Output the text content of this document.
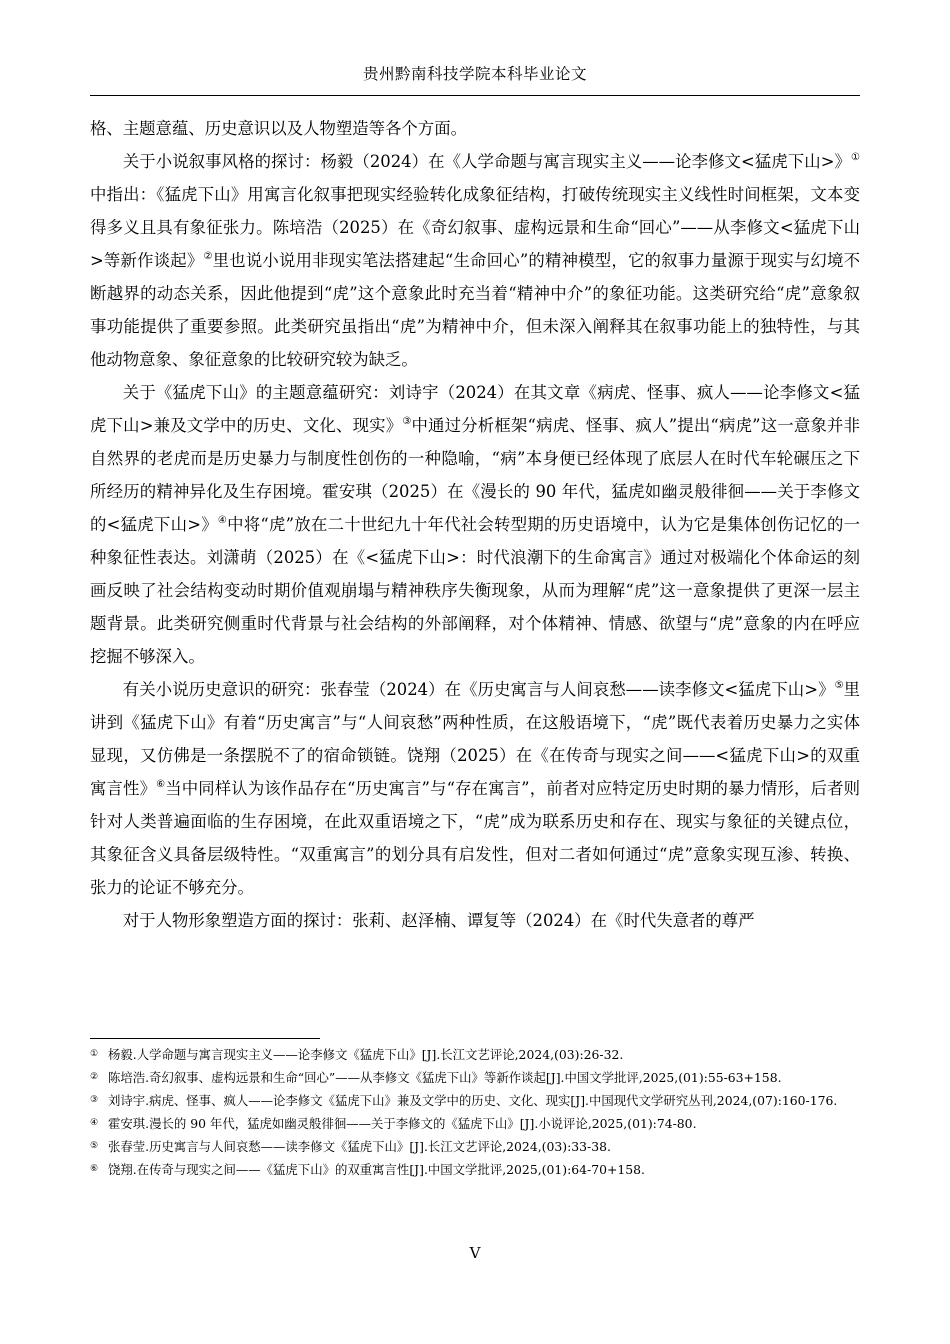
贵州黔南科技学院本科毕业论文

格、主题意蕴、历史意识以及人物塑造等各个方面。

关于小说叙事风格的探讨：杨毅（2024）在《人学命题与寓言现实主义——论李修文<猛虎下山>》①中指出：《猛虎下山》用寓言化叙事把现实经验转化成象征结构，打破传统现实主义线性时间框架，文本变得多义且具有象征张力。陈培浩（2025）在《奇幻叙事、虚构远景和生命“回心”——从李修文<猛虎下山>等新作谈起》②里也说小说用非现实笔法搭建起“生命回心”的精神模型，它的叙事力量源于现实与幻境不断越界的动态关系，因此他提到“虎”这个意象此时充当着“精神中介”的象征功能。这类研究给“虎”意象叙事功能提供了重要参照。此类研究虽指出“虎”为精神中介，但未深入阐释其在叙事功能上的独特性，与其他动物意象、象征意象的比较研究较为缺乏。

关于《猛虎下山》的主题意蕴研究：刘诗宇（2024）在其文章《病虎、怪事、疯人——论李修文<猛虎下山>兼及文学中的历史、文化、现实》③中通过分析框架“病虎、怪事、疯人”提出“病虎”这一意象并非自然界的老虎而是历史暴力与制度性创伤的一种隐喻，“病”本身便已经体现了底层人在时代车轮碾压之下所经历的精神异化及生存困境。霍安琪（2025）在《漫长的 90 年代，猛虎如幽灵般徘徊——关于李修文的<猛虎下山>》④中将“虎”放在二十世纪九十年代社会转型期的历史语境中，认为它是集体创伤记忆的一种象征性表达。刘潇萌（2025）在《<猛虎下山>：时代浪潮下的生命寓言》通过对极端化个体命运的刻画反映了社会结构变动时期价值观崩塌与精神秩序失衡现象，从而为理解“虎”这一意象提供了更深一层主题背景。此类研究侧重时代背景与社会结构的外部阐释，对个体精神、情感、欲望与“虎”意象的内在呼应挖掘不够深入。

有关小说历史意识的研究：张春莹（2024）在《历史寓言与人间哀愁——读李修文<猛虎下山>》⑤里讲到《猛虎下山》有着“历史寓言”与“人间哀愁”两种性质，在这般语境下，“虎”既代表着历史暴力之实体显现，又仿佛是一条摆脱不了的宿命锁链。饶翔（2025）在《在传奇与现实之间——<猛虎下山>的双重寓言性》⑥当中同样认为该作品存在“历史寓言”与“存在寓言”，前者对应特定历史时期的暴力情形，后者则针对人类普遍面临的生存困境，在此双重语境之下，“虎”成为联系历史和存在、现实与象征的关键点位，其象征含义具备层级特性。“双重寓言”的划分具有启发性，但对二者如何通过“虎”意象实现互渗、转换、张力的论证不够充分。

对于人物形象塑造方面的探讨：张莉、赵泽楠、谭复等（2024）在《时代失意者的尊严

① 杨毅.人学命题与寓言现实主义——论李修文《猛虎下山》[J].长江文艺评论,2024,(03):26-32.

② 陈培浩.奇幻叙事、虚构远景和生命“回心”——从李修文《猛虎下山》等新作谈起[J].中国文学批评,2025,(01):55-63+158.

③ 刘诗宇.病虎、怪事、疯人——论李修文《猛虎下山》兼及文学中的历史、文化、现实[J].中国现代文学研究丛刊,2024,(07):160-176.

④ 霍安琪.漫长的 90 年代，猛虎如幽灵般徘徊——关于李修文的《猛虎下山》[J].小说评论,2025,(01):74-80.

⑤ 张春莹.历史寓言与人间哀愁——读李修文《猛虎下山》[J].长江文艺评论,2024,(03):33-38.

⑥ 饶翔.在传奇与现实之间——《猛虎下山》的双重寓言性[J].中国文学批评,2025,(01):64-70+158.

V
